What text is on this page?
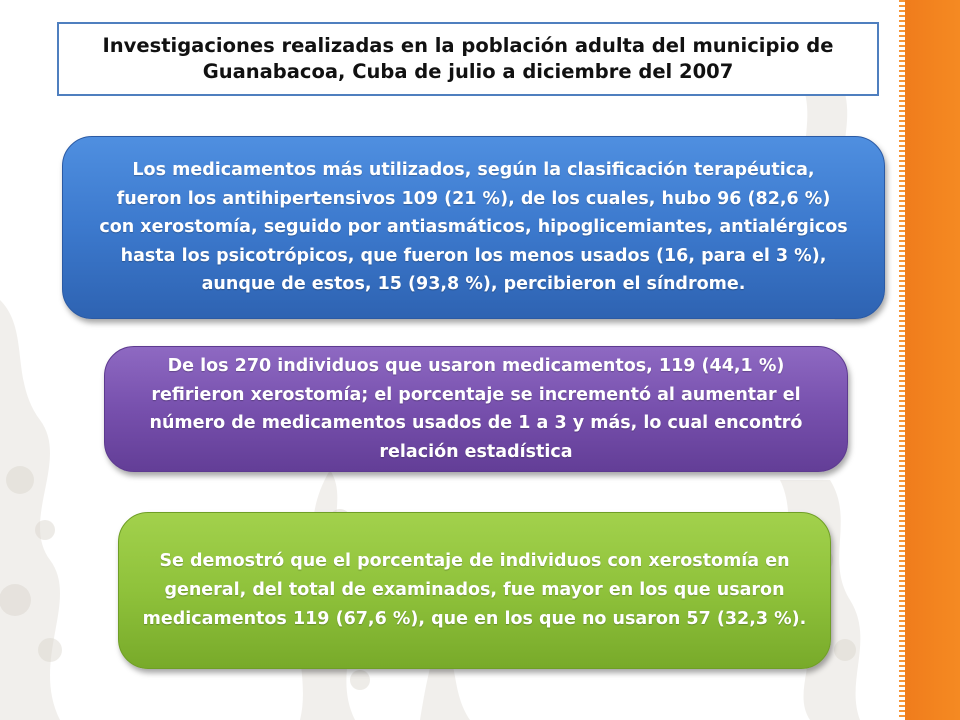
Investigaciones realizadas en la población adulta del municipio de Guanabacoa, Cuba de julio a diciembre del 2007
Los medicamentos más utilizados, según la clasificación terapéutica, fueron los antihipertensivos 109 (21 %), de los cuales, hubo 96 (82,6 %) con xerostomía, seguido por antiasmáticos, hipoglicemiantes, antialérgicos hasta los psicotrópicos, que fueron los menos usados (16, para el 3 %), aunque de estos, 15 (93,8 %), percibieron el síndrome.
De los 270 individuos que usaron medicamentos, 119 (44,1 %) refirieron xerostomía; el porcentaje se incrementó al aumentar el número de medicamentos usados de 1 a 3 y más, lo cual encontró relación estadística
Se demostró que el porcentaje de individuos con xerostomía en general, del total de examinados, fue mayor en los que usaron medicamentos 119 (67,6 %), que en los que no usaron 57 (32,3 %).
